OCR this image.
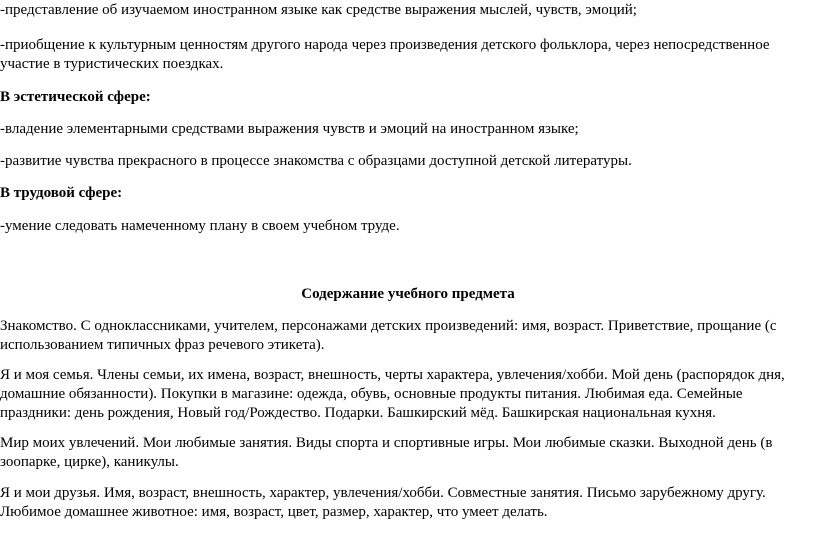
-представление об изучаемом иностранном языке как средстве выражения мыслей, чувств, эмоций;

-приобщение к культурным ценностям другого народа через произведения детского фольклора, через непосредственное

участие в туристических поездках.

В эстетической сфере:

-владение элементарными средствами выражения чувств и эмоций на иностранном языке;

-развитие чувства прекрасного в процессе знакомства с образцами доступной детской литературы.

В трудовой сфере:

-умение следовать намеченному плану в своем учебном труде.

Содержание учебного предмета

Знакомство. С одноклассниками, учителем, персонажами детских произведений: имя, возраст. Приветствие, прощание (с

использованием типичных фраз речевого этикета).

Я и моя семья. Члены семьи, их имена, возраст, внешность, черты характера, увлечения/хобби. Мой день (распорядок дня,

домашние обязанности). Покупки в магазине: одежда, обувь, основные продукты питания. Любимая еда. Семейные

праздники: день рождения, Новый год/Рождество. Подарки. Башкирский мёд. Башкирская национальная кухня.

Мир моих увлечений. Мои любимые занятия. Виды спорта и спортивные игры. Мои любимые сказки. Выходной день (в

зоопарке, цирке), каникулы.

Я и мои друзья. Имя, возраст, внешность, характер, увлечения/хобби. Совместные занятия. Письмо зарубежному другу.

Любимое домашнее животное: имя, возраст, цвет, размер, характер, что умеет делать.
